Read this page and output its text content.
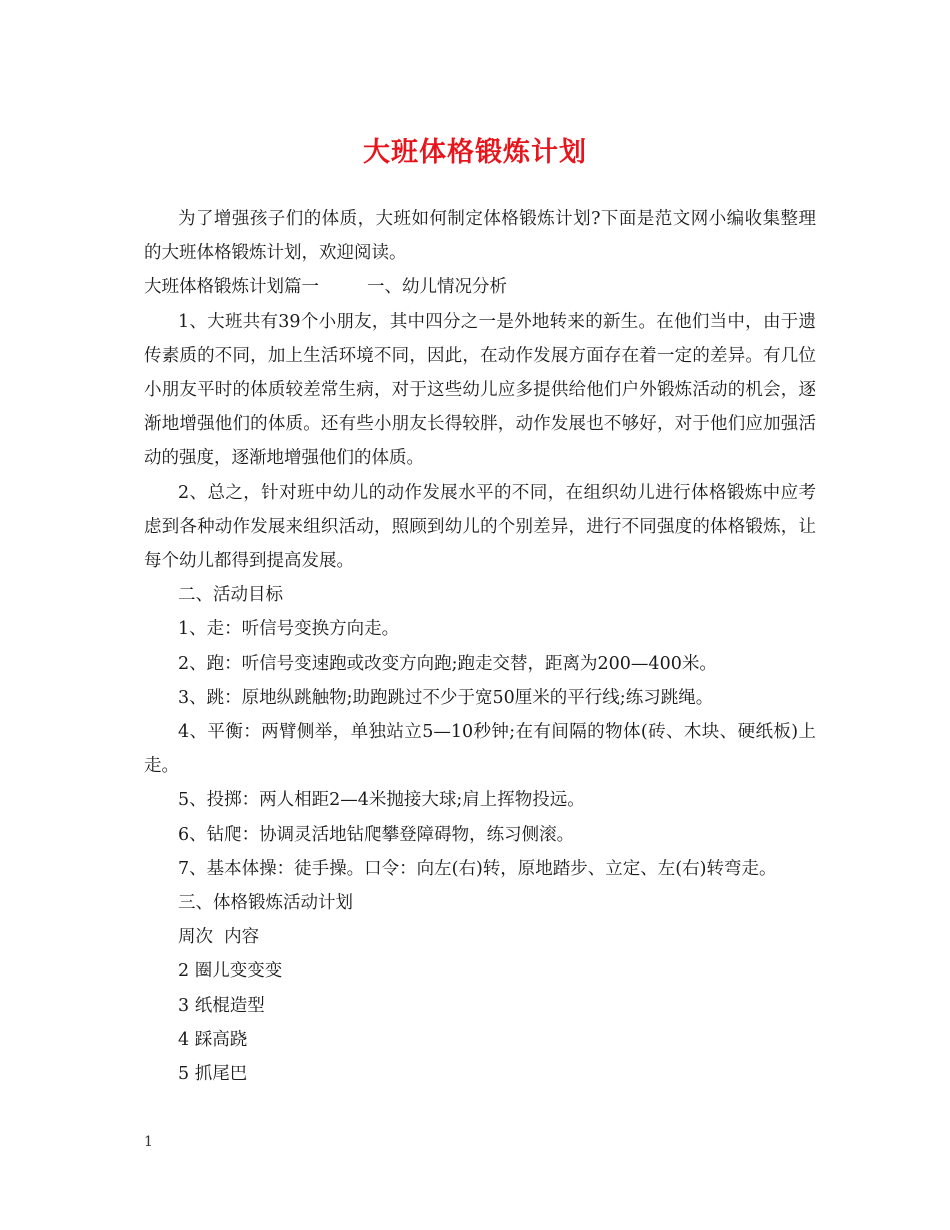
大班体格锻炼计划

为了增强孩子们的体质，大班如何制定体格锻炼计划?下面是范文网小编收集整理的大班体格锻炼计划，欢迎阅读。

大班体格锻炼计划篇一	一、幼儿情况分析

1、大班共有39个小朋友，其中四分之一是外地转来的新生。在他们当中，由于遗传素质的不同，加上生活环境不同，因此，在动作发展方面存在着一定的差异。有几位小朋友平时的体质较差常生病，对于这些幼儿应多提供给他们户外锻炼活动的机会，逐渐地增强他们的体质。还有些小朋友长得较胖，动作发展也不够好，对于他们应加强活动的强度，逐渐地增强他们的体质。

2、总之，针对班中幼儿的动作发展水平的不同，在组织幼儿进行体格锻炼中应考虑到各种动作发展来组织活动，照顾到幼儿的个别差异，进行不同强度的体格锻炼，让每个幼儿都得到提高发展。

二、活动目标

1、走：听信号变换方向走。

2、跑：听信号变速跑或改变方向跑;跑走交替，距离为200—400米。

3、跳：原地纵跳触物;助跑跳过不少于宽50厘米的平行线;练习跳绳。

4、平衡：两臂侧举，单独站立5—10秒钟;在有间隔的物体(砖、木块、硬纸板)上走。

5、投掷：两人相距2—4米抛接大球;肩上挥物投远。

6、钻爬：协调灵活地钻爬攀登障碍物，练习侧滚。

7、基本体操：徒手操。口令：向左(右)转，原地踏步、立定、左(右)转弯走。

三、体格锻炼活动计划

周次  内容

2 圈儿变变变

3 纸棍造型

4 踩高跷

5 抓尾巴

1
